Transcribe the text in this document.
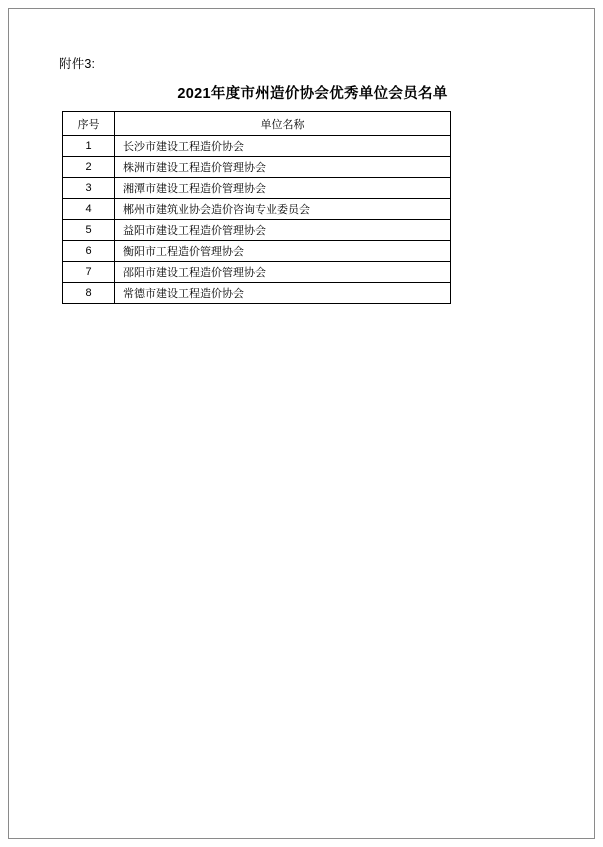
附件3:
2021年度市州造价协会优秀单位会员名单
序号	单位名称
1	长沙市建设工程造价协会
2	株洲市建设工程造价管理协会
3	湘潭市建设工程造价管理协会
4	郴州市建筑业协会造价咨询专业委员会
5	益阳市建设工程造价管理协会
6	衡阳市工程造价管理协会
7	邵阳市建设工程造价管理协会
8	常德市建设工程造价协会
